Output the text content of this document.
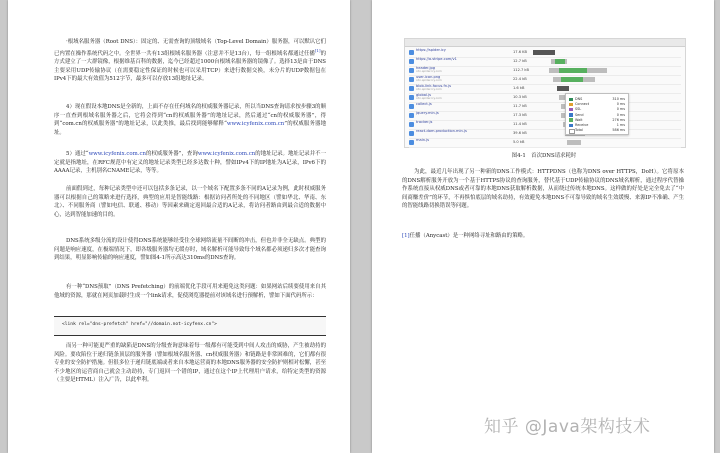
·根域名服务器（Root DNS）：固定的、无需查询的顶级域名（Top-Level Domain）服务器，可以默认它们已内置在操作系统代码之中。全世界一共有13组根域名服务器（注意并不是13台），每一组根域名都通过任播[1]的方式建立了一大群镜像，根据维基百科的数据，迄今已经超过1000台根域名服务器的镜像了。选择13是由于DNS主要采用UDP传输协议（在需要稳定性保证的时候也可以采用TCP）来进行数据交换，未分片的UDP数据包在IPv4下的最大有效值为512字节，最多可以存放13组地址记录。

4）现在假设本地DNS是全新的，上面不存在任何域名的权威服务器记录，所以当DNS查询请求按步骤3的顺序一直查到根域名服务器之后，它将会得到“cn的权威服务器”的地址记录，然后通过“cn的权威服务器”，得到“com.cn的权威服务器”的地址记录，以此类推，最后找到能够解释“www.icyfenix.com.cn”的权威服务器地址。

5）通过“www.icyfenix.com.cn的权威服务器”，查询www.icyfenix.com.cn的地址记录。地址记录并不一定就是指地址，在RFC规范中有定义的地址记录类型已经多达数十种，譬如IPv4下的IP地址为A记录，IPv6下的AAAA记录，主机别名CNAME记录，等等。

前面假到过，每种记录类型中还可以包括多条记录，以一个域名下配置多条不同的A记录为例，此时权威服务器可以根据自己的策略来进行选择，典型的应用是智能线路：根据访问者所处的不同地区（譬如华北、华南、东北）、不同服务商（譬如电信、联通、移动）等因素来确定返回最合适的A记录，将访问者路由到最合适的数据中心，达到智能加速的目的。

DNS系统多级分流的设计使得DNS系统能够经受住全球网络流量不间断的冲击，但也并非全无缺点。典型的问题是响应速度，在极端情况下，即各级服务器均无缓存时，域名解析可能导致每个域名都必须递归多次才能查询到结果，明显影响传输的响应速度，譬如图4-1所示高达310ms的DNS查询。

有一种“DNS预取”（DNS Prefetching）的前端优化手段可用来避免这类问题：如果网站后续要使用来自其他域的资源，那就在网页加载时生成一个link请求，促使浏览器提前对该域名进行预解析，譬如下面代码所示：

<link rel="dns-prefetch" href="//domain.not-icyfenx.cn">

而另一种可能更严重的缺陷是DNS的分级查询意味着每一级都有可能受到中间人攻击的威胁，产生被劫持的风险。要攻陷位于递归链条顶层的服务器（譬如根域名服务器、cn权威服务器）和链路是非常困难的，它们都有很专业的安全防护措施。但很多位于递归链底端或者来自本地运营商的本地DNS服务器的安全防护则相对松懈，甚至不少地区的运营商自己就会主动劫持，专门返回一个错的IP，通过在这个IP上代理用户请求，给特定类型的资源（主要是HTML）注入广告，以此牟利。

https://spider.icy	17.6 KB
https://a.stripe.com/v1	12.7 kB
header.jpg
cdn.spider.icy.com	112.7 kB
user-icon.png
cdn.spider.icy.com	22.4 kB
blob-link-focus.fn.js
cdn.spider.icy.com	1.6 kB
global.js
cdn.spider.icy.com	10.3 kB
collect.js	11.7 kB
jquery.min.js	17.3 kB
tracker.js	11.4 kB
react-dom.production.min.js	39.6 kB
main.js	5.0 kB
DNS	310 ms
Connect	0 ms
SSL	0 ms
Send	0 ms
Wait	276 ms
Receive	1 ms
Total	586 ms
图4-1　首次DNS请求耗时

为此，最近几年出现了另一种新的DNS工作模式：HTTPDNS（也称为DNS over HTTPS，DoH）。它将原本的DNS解析服务开放为一个基于HTTPS协议的查询服务，替代基于UDP传输协议的DNS域名解析，通过程序代替操作系统直接从权威DNS或者可靠的本地DNS获取解析数据，从而绕过传统本地DNS。这样做的好处是完全免去了“中间商赚差价”的环节，不再惧怕底层的域名劫持，有效避免本地DNS不可靠导致的域名生效缓慢、来源IP不准确、产生的智能线路切换错误等问题。

[1]任播（Anycast）是一种网络寻址和路由的策略。

知乎 @Java架构技术
